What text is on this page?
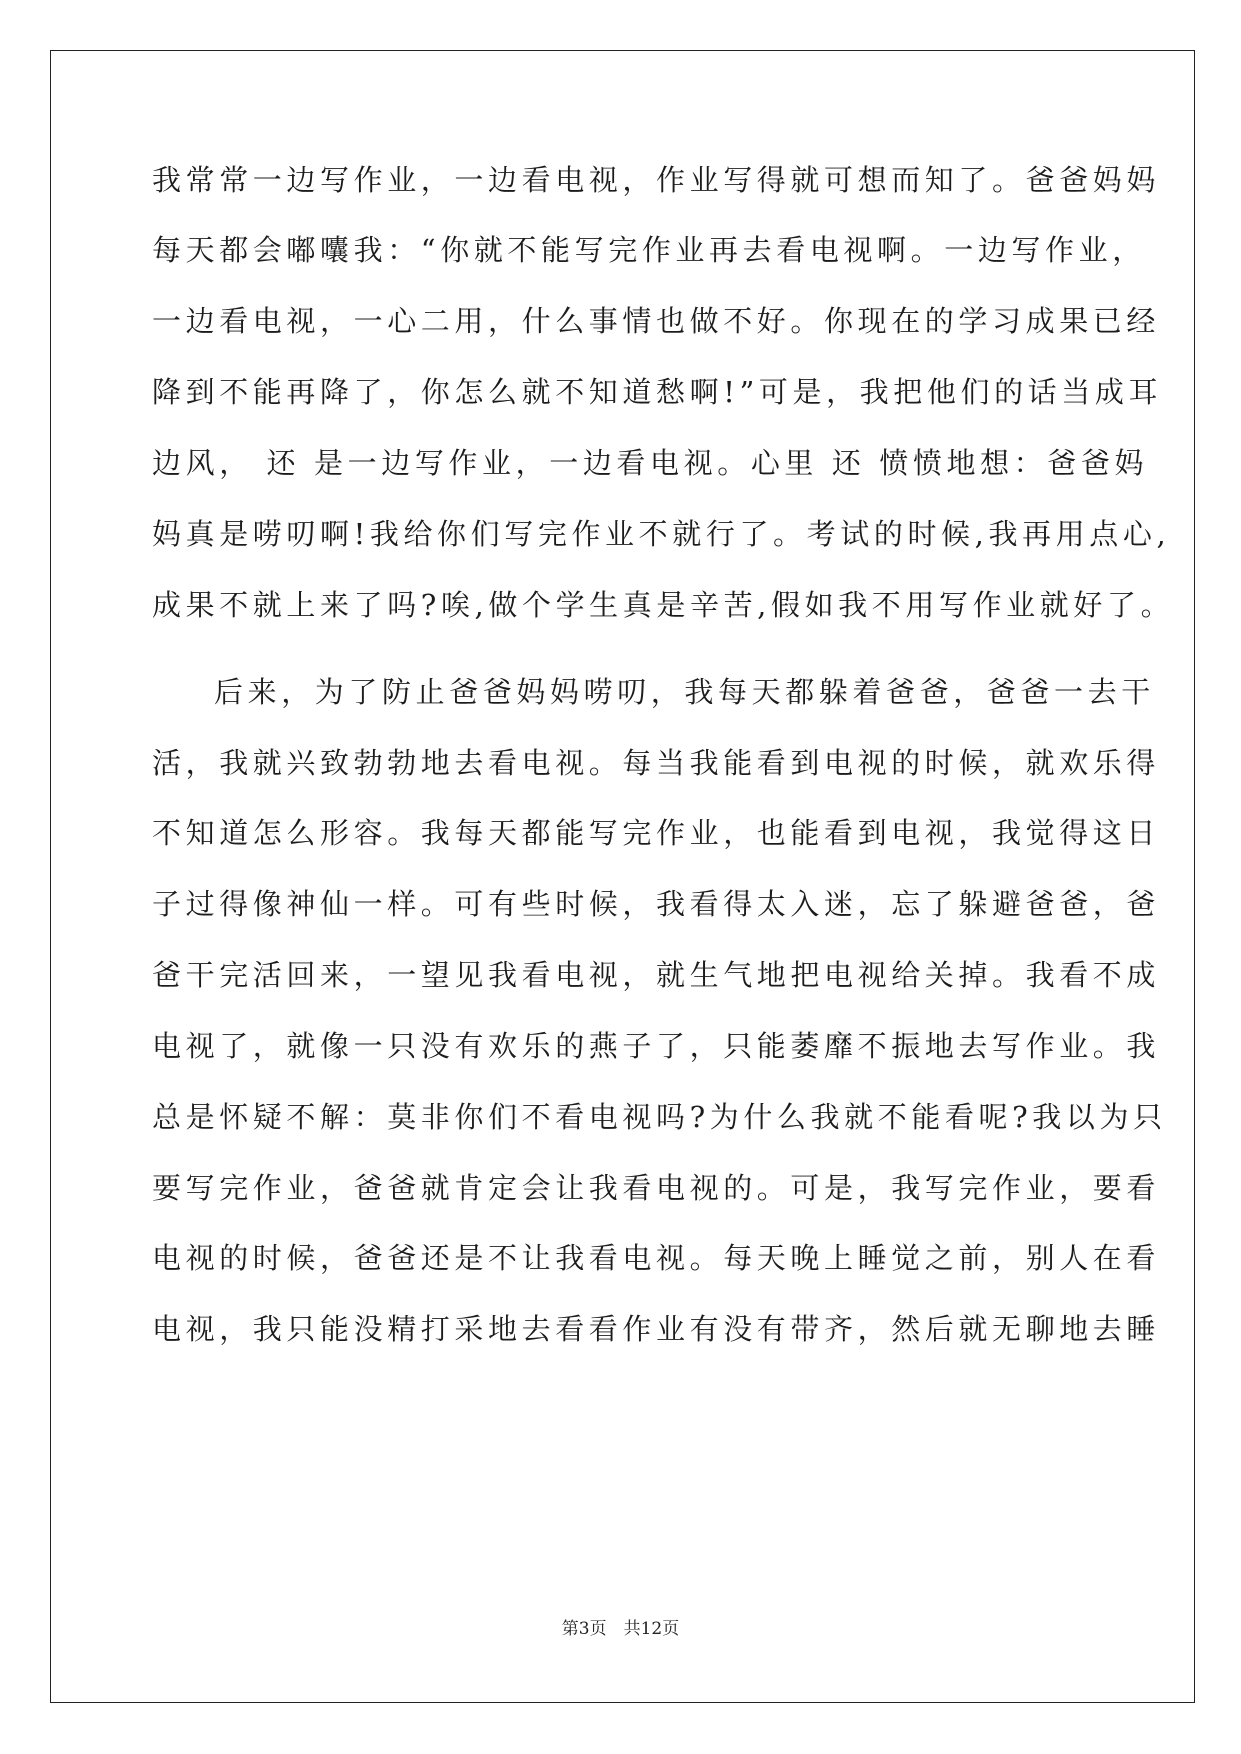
我常常一边写作业，一边看电视，作业写得就可想而知了。爸爸妈妈
每天都会嘟囔我：“你就不能写完作业再去看电视啊。一边写作业，
一边看电视，一心二用，什么事情也做不好。你现在的学习成果已经
降到不能再降了，你怎么就不知道愁啊!”可是，我把他们的话当成耳
边风， 还 是一边写作业，一边看电视。心里 还 愤愤地想：爸爸妈
妈真是唠叨啊!我给你们写完作业不就行了。考试的时候,我再用点心,
成果不就上来了吗?唉,做个学生真是辛苦,假如我不用写作业就好了。
后来，为了防止爸爸妈妈唠叨，我每天都躲着爸爸，爸爸一去干
活，我就兴致勃勃地去看电视。每当我能看到电视的时候，就欢乐得
不知道怎么形容。我每天都能写完作业，也能看到电视，我觉得这日
子过得像神仙一样。可有些时候，我看得太入迷，忘了躲避爸爸，爸
爸干完活回来，一望见我看电视，就生气地把电视给关掉。我看不成
电视了，就像一只没有欢乐的燕子了，只能萎靡不振地去写作业。我
总是怀疑不解：莫非你们不看电视吗?为什么我就不能看呢?我以为只
要写完作业，爸爸就肯定会让我看电视的。可是，我写完作业，要看
电视的时候，爸爸还是不让我看电视。每天晚上睡觉之前，别人在看
电视，我只能没精打采地去看看作业有没有带齐，然后就无聊地去睡
第3页　共12页
